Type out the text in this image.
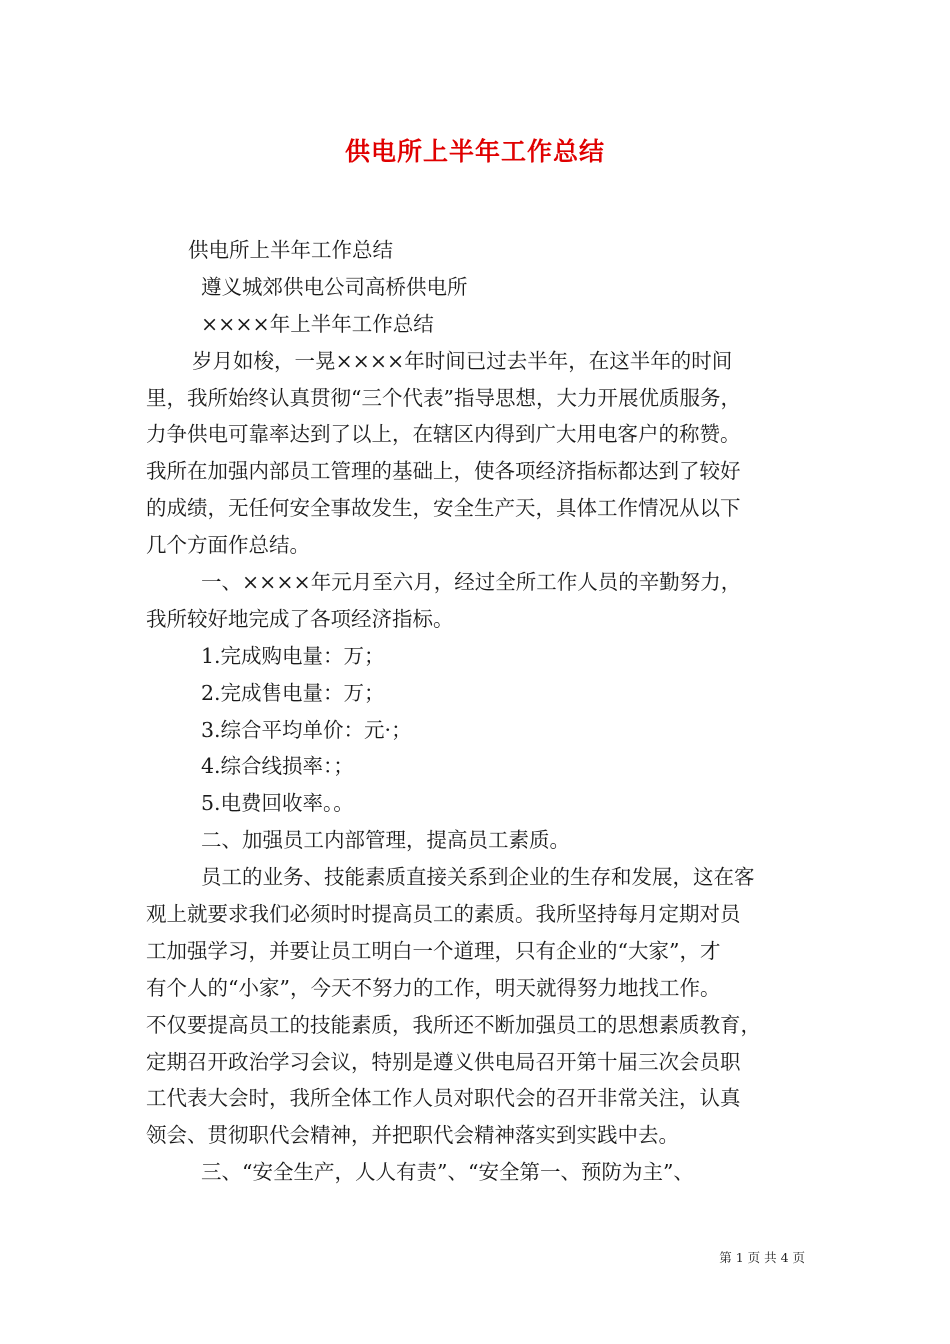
供电所上半年工作总结
供电所上半年工作总结
遵义城郊供电公司高桥供电所
××××年上半年工作总结
岁月如梭，一晃××××年时间已过去半年，在这半年的时间
里，我所始终认真贯彻“三个代表”指导思想，大力开展优质服务，
力争供电可靠率达到了以上，在辖区内得到广大用电客户的称赞。
我所在加强内部员工管理的基础上，使各项经济指标都达到了较好
的成绩，无任何安全事故发生，安全生产天，具体工作情况从以下
几个方面作总结。
一、××××年元月至六月，经过全所工作人员的辛勤努力，
我所较好地完成了各项经济指标。
1.完成购电量：万；
2.完成售电量：万；
3.综合平均单价：元·；
4.综合线损率：；
5.电费回收率。。
二、加强员工内部管理，提高员工素质。
员工的业务、技能素质直接关系到企业的生存和发展，这在客
观上就要求我们必须时时提高员工的素质。我所坚持每月定期对员
工加强学习，并要让员工明白一个道理，只有企业的“大家”，才
有个人的“小家”，今天不努力的工作，明天就得努力地找工作。
不仅要提高员工的技能素质，我所还不断加强员工的思想素质教育，
定期召开政治学习会议，特别是遵义供电局召开第十届三次会员职
工代表大会时，我所全体工作人员对职代会的召开非常关注，认真
领会、贯彻职代会精神，并把职代会精神落实到实践中去。
三、“安全生产，人人有责”、“安全第一、预防为主”、
第 1 页 共 4 页
